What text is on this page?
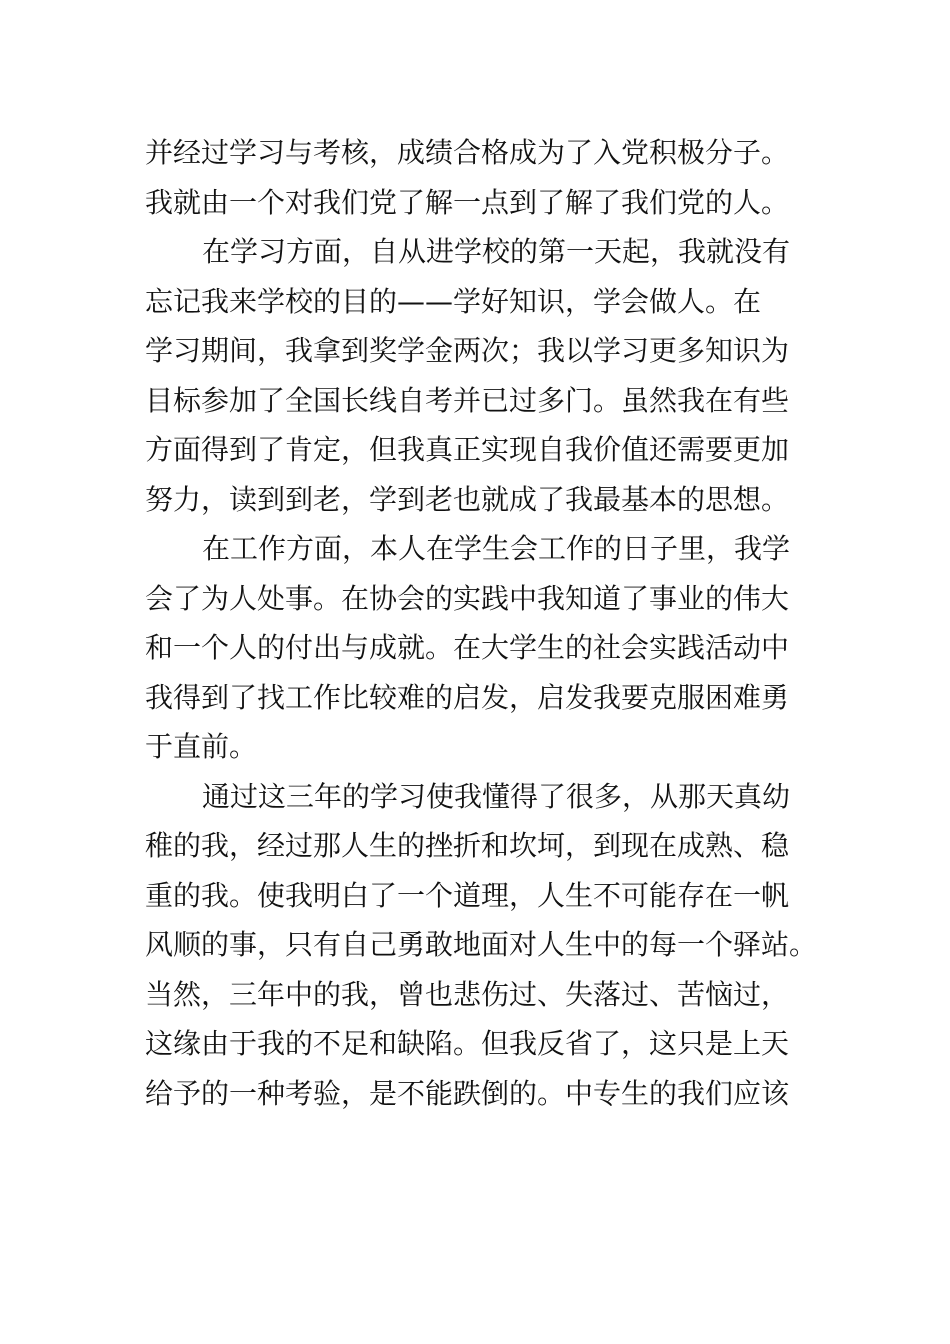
并经过学习与考核，成绩合格成为了入党积极分子。
我就由一个对我们党了解一点到了解了我们党的人。

在学习方面，自从进学校的第一天起，我就没有
忘记我来学校的目的——学好知识，学会做人。在
学习期间，我拿到奖学金两次；我以学习更多知识为
目标参加了全国长线自考并已过多门。虽然我在有些
方面得到了肯定，但我真正实现自我价值还需要更加
努力，读到到老，学到老也就成了我最基本的思想。

在工作方面，本人在学生会工作的日子里，我学
会了为人处事。在协会的实践中我知道了事业的伟大
和一个人的付出与成就。在大学生的社会实践活动中
我得到了找工作比较难的启发，启发我要克服困难勇
于直前。

通过这三年的学习使我懂得了很多，从那天真幼
稚的我，经过那人生的挫折和坎坷，到现在成熟、稳
重的我。使我明白了一个道理，人生不可能存在一帆
风顺的事，只有自己勇敢地面对人生中的每一个驿站。
当然，三年中的我，曾也悲伤过、失落过、苦恼过，
这缘由于我的不足和缺陷。但我反省了，这只是上天
给予的一种考验，是不能跌倒的。中专生的我们应该
